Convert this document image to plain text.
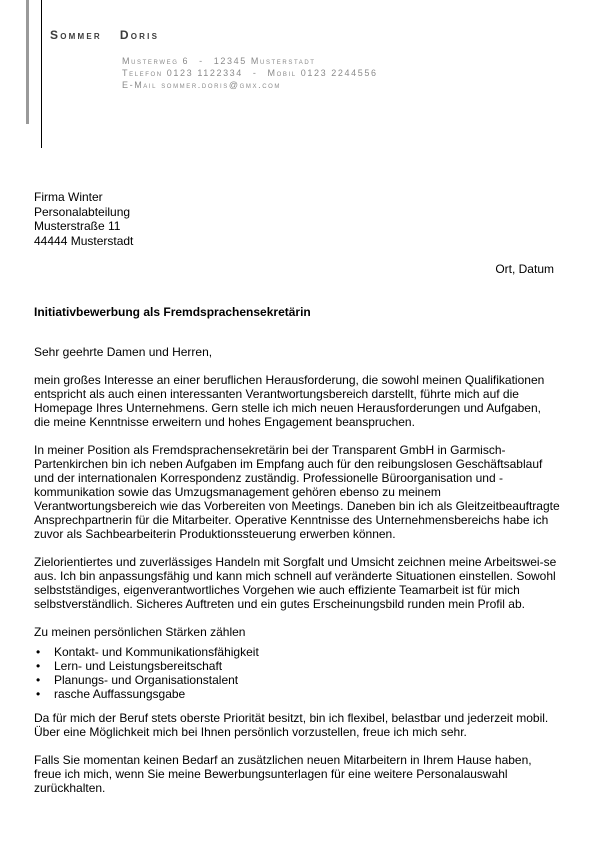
Sommer Doris
Musterweg 6 - 12345 Musterstadt
Telefon 0123 1122334 - Mobil 0123 2244556
E-Mail sommer.doris@gmx.com
Firma Winter
Personalabteilung
Musterstraße 11
44444 Musterstadt
Ort, Datum
Initiativbewerbung als Fremdsprachensekretärin

Sehr geehrte Damen und Herren,

mein großes Interesse an einer beruflichen Herausforderung, die sowohl meinen Qualifikationen entspricht als auch einen interessanten Verantwortungsbereich darstellt, führte mich auf die Homepage Ihres Unternehmens. Gern stelle ich mich neuen Herausforderungen und Aufgaben, die meine Kenntnisse erweitern und hohes Engagement beanspruchen.

In meiner Position als Fremdsprachensekretärin bei der Transparent GmbH in Garmisch-Partenkirchen bin ich neben Aufgaben im Empfang auch für den reibungslosen Geschäftsablauf und der internationalen Korrespondenz zuständig. Professionelle Büroorganisation und -kommunikation sowie das Umzugsmanagement gehören ebenso zu meinem Verantwortungsbereich wie das Vorbereiten von Meetings. Daneben bin ich als Gleitzeitbeauftragte Ansprechpartnerin für die Mitarbeiter. Operative Kenntnisse des Unternehmensbereichs habe ich zuvor als Sachbearbeiterin Produktionssteuerung erwerben können.

Zielorientiertes und zuverlässiges Handeln mit Sorgfalt und Umsicht zeichnen meine Arbeitswei-se aus. Ich bin anpassungsfähig und kann mich schnell auf veränderte Situationen einstellen. Sowohl selbstständiges, eigenverantwortliches Vorgehen wie auch effiziente Teamarbeit ist für mich selbstverständlich. Sicheres Auftreten und ein gutes Erscheinungsbild runden mein Profil ab.

Zu meinen persönlichen Stärken zählen

• Kontakt- und Kommunikationsfähigkeit
• Lern- und Leistungsbereitschaft
• Planungs- und Organisationstalent
• rasche Auffassungsgabe

Da für mich der Beruf stets oberste Priorität besitzt, bin ich flexibel, belastbar und jederzeit mobil. Über eine Möglichkeit mich bei Ihnen persönlich vorzustellen, freue ich mich sehr.

Falls Sie momentan keinen Bedarf an zusätzlichen neuen Mitarbeitern in Ihrem Hause haben, freue ich mich, wenn Sie meine Bewerbungsunterlagen für eine weitere Personalauswahl zurückhalten.
